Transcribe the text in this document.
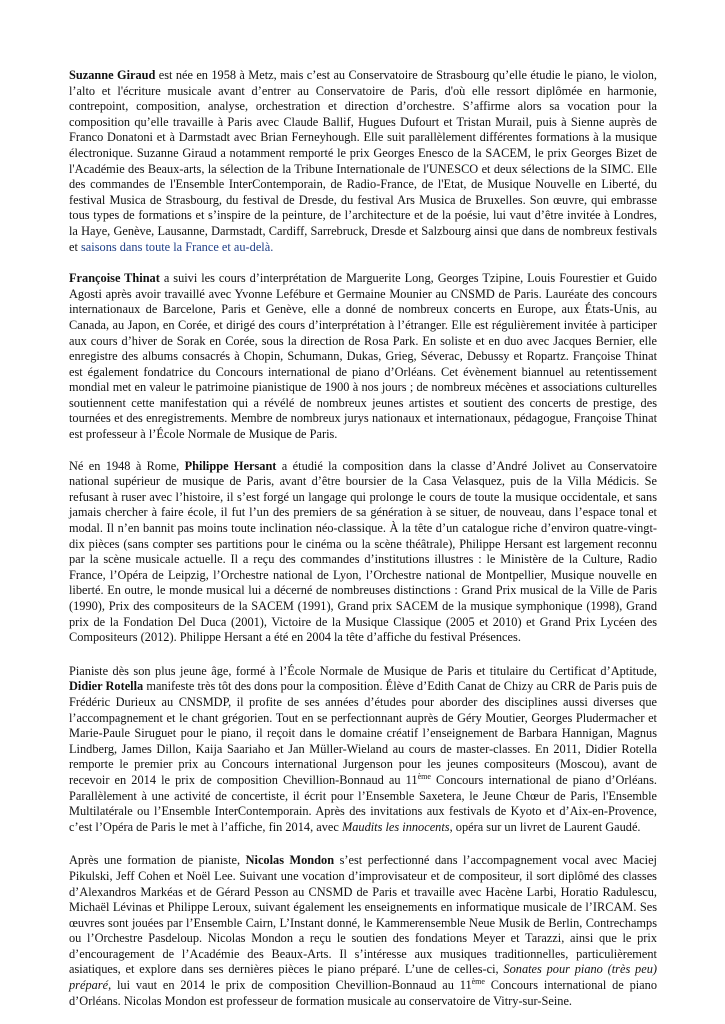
Suzanne Giraud est née en 1958 à Metz, mais c’est au Conservatoire de Strasbourg qu’elle étudie le piano, le violon, l’alto et l'écriture musicale avant d’entrer au Conservatoire de Paris, d'où elle ressort diplômée en harmonie, contrepoint, composition, analyse, orchestration et direction d’orchestre. S’affirme alors sa vocation pour la composition qu’elle travaille à Paris avec Claude Ballif, Hugues Dufourt et Tristan Murail, puis à Sienne auprès de Franco Donatoni et à Darmstadt avec Brian Ferneyhough. Elle suit parallèlement différentes formations à la musique électronique. Suzanne Giraud a notamment remporté le prix Georges Enesco de la SACEM, le prix Georges Bizet de l'Académie des Beaux-arts, la sélection de la Tribune Internationale de l'UNESCO et deux sélections de la SIMC. Elle des commandes de l'Ensemble InterContemporain, de Radio-France, de l'Etat, de Musique Nouvelle en Liberté, du festival Musica de Strasbourg, du festival de Dresde, du festival Ars Musica de Bruxelles. Son œuvre, qui embrasse tous types de formations et s’inspire de la peinture, de l’architecture et de la poésie, lui vaut d’être invitée à Londres, la Haye, Genève, Lausanne, Darmstadt, Cardiff, Sarrebruck, Dresde et Salzbourg ainsi que dans de nombreux festivals et saisons dans toute la France et au-delà.

Françoise Thinat a suivi les cours d’interprétation de Marguerite Long, Georges Tzipine, Louis Fourestier et Guido Agosti après avoir travaillé avec Yvonne Lefébure et Germaine Mounier au CNSMD de Paris. Lauréate des concours internationaux de Barcelone, Paris et Genève, elle a donné de nombreux concerts en Europe, aux États-Unis, au Canada, au Japon, en Corée, et dirigé des cours d’interprétation à l’étranger. Elle est régulièrement invitée à participer aux cours d’hiver de Sorak en Corée, sous la direction de Rosa Park. En soliste et en duo avec Jacques Bernier, elle enregistre des albums consacrés à Chopin, Schumann, Dukas, Grieg, Séverac, Debussy et Ropartz. Françoise Thinat est également fondatrice du Concours international de piano d’Orléans. Cet évènement biannuel au retentissement mondial met en valeur le patrimoine pianistique de 1900 à nos jours ; de nombreux mécènes et associations culturelles soutiennent cette manifestation qui a révélé de nombreux jeunes artistes et soutient des concerts de prestige, des tournées et des enregistrements. Membre de nombreux jurys nationaux et internationaux, pédagogue, Françoise Thinat est professeur à l’École Normale de Musique de Paris.

Né en 1948 à Rome, Philippe Hersant a étudié la composition dans la classe d’André Jolivet au Conservatoire national supérieur de musique de Paris, avant d’être boursier de la Casa Velasquez, puis de la Villa Médicis. Se refusant à ruser avec l’histoire, il s’est forgé un langage qui prolonge le cours de toute la musique occidentale, et sans jamais chercher à faire école, il fut l’un des premiers de sa génération à se situer, de nouveau, dans l’espace tonal et modal. Il n’en bannit pas moins toute inclination néo-classique. À la tête d’un catalogue riche d’environ quatre-vingt-dix pièces (sans compter ses partitions pour le cinéma ou la scène théâtrale), Philippe Hersant est largement reconnu par la scène musicale actuelle. Il a reçu des commandes d’institutions illustres : le Ministère de la Culture, Radio France, l’Opéra de Leipzig, l’Orchestre national de Lyon, l’Orchestre national de Montpellier, Musique nouvelle en liberté. En outre, le monde musical lui a décerné de nombreuses distinctions : Grand Prix musical de la Ville de Paris (1990), Prix des compositeurs de la SACEM (1991), Grand prix SACEM de la musique symphonique (1998), Grand prix de la Fondation Del Duca (2001), Victoire de la Musique Classique (2005 et 2010) et Grand Prix Lycéen des Compositeurs (2012). Philippe Hersant a été en 2004 la tête d’affiche du festival Présences.

Pianiste dès son plus jeune âge, formé à l’École Normale de Musique de Paris et titulaire du Certificat d’Aptitude, Didier Rotella manifeste très tôt des dons pour la composition. Élève d’Edith Canat de Chizy au CRR de Paris puis de Frédéric Durieux au CNSMDP, il profite de ses années d’études pour aborder des disciplines aussi diverses que l’accompagnement et le chant grégorien. Tout en se perfectionnant auprès de Géry Moutier, Georges Pludermacher et Marie-Paule Siruguet pour le piano, il reçoit dans le domaine créatif l’enseignement de Barbara Hannigan, Magnus Lindberg, James Dillon, Kaija Saariaho et Jan Müller-Wieland au cours de master-classes. En 2011, Didier Rotella remporte le premier prix au Concours international Jurgenson pour les jeunes compositeurs (Moscou), avant de recevoir en 2014 le prix de composition Chevillion-Bonnaud au 11ème Concours international de piano d’Orléans. Parallèlement à une activité de concertiste, il écrit pour l’Ensemble Saxetera, le Jeune Chœur de Paris, l'Ensemble Multilatérale ou l’Ensemble InterContemporain. Après des invitations aux festivals de Kyoto et d’Aix-en-Provence, c’est l’Opéra de Paris le met à l’affiche, fin 2014, avec Maudits les innocents, opéra sur un livret de Laurent Gaudé.

Après une formation de pianiste, Nicolas Mondon s’est perfectionné dans l’accompagnement vocal avec Maciej Pikulski, Jeff Cohen et Noël Lee. Suivant une vocation d’improvisateur et de compositeur, il sort diplômé des classes d’Alexandros Markéas et de Gérard Pesson au CNSMD de Paris et travaille avec Hacène Larbi, Horatio Radulescu, Michaël Lévinas et Philippe Leroux, suivant également les enseignements en informatique musicale de l’IRCAM. Ses œuvres sont jouées par l’Ensemble Cairn, L’Instant donné, le Kammerensemble Neue Musik de Berlin, Contrechamps ou l’Orchestre Pasdeloup. Nicolas Mondon a reçu le soutien des fondations Meyer et Tarazzi, ainsi que le prix d’encouragement de l’Académie des Beaux-Arts. Il s’intéresse aux musiques traditionnelles, particulièrement asiatiques, et explore dans ses dernières pièces le piano préparé. L’une de celles-ci, Sonates pour piano (très peu) préparé, lui vaut en 2014 le prix de composition Chevillion-Bonnaud au 11ème Concours international de piano d’Orléans. Nicolas Mondon est professeur de formation musicale au conservatoire de Vitry-sur-Seine.
